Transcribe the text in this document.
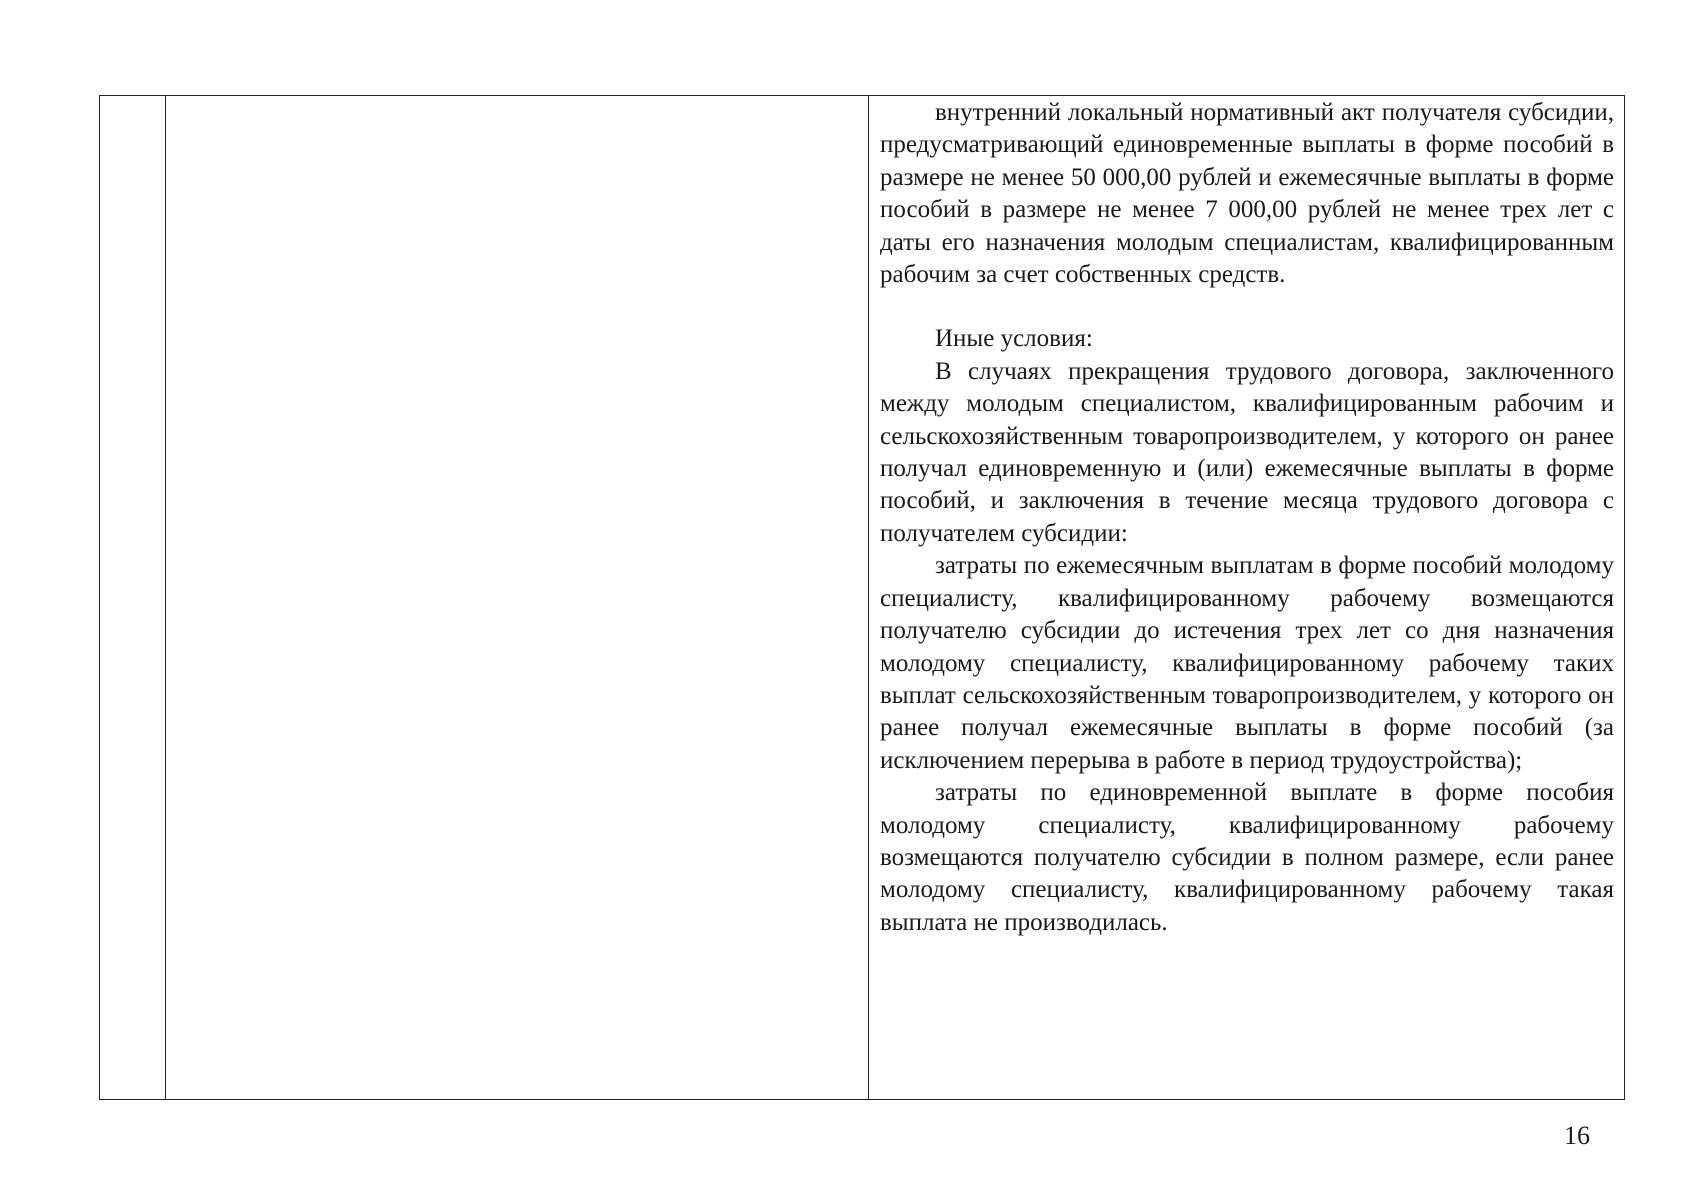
внутренний локальный нормативный акт получателя субсидии, предусматривающий единовременные выплаты в форме пособий в размере не менее 50 000,00 рублей и ежемесячные выплаты в форме пособий в размере не менее 7 000,00 рублей не менее трех лет с даты его назначения молодым специалистам, квалифицированным рабочим за счет собственных средств.

Иные условия:

В случаях прекращения трудового договора, заключенного между молодым специалистом, квалифицированным рабочим и сельскохозяйственным товаропроизводителем, у которого он ранее получал единовременную и (или) ежемесячные выплаты в форме пособий, и заключения в течение месяца трудового договора с получателем субсидии:

затраты по ежемесячным выплатам в форме пособий молодому специалисту, квалифицированному рабочему возмещаются получателю субсидии до истечения трех лет со дня назначения молодому специалисту, квалифицированному рабочему таких выплат сельскохозяйственным товаропроизводителем, у которого он ранее получал ежемесячные выплаты в форме пособий (за исключением перерыва в работе в период трудоустройства);

затраты по единовременной выплате в форме пособия молодому специалисту, квалифицированному рабочему возмещаются получателю субсидии в полном размере, если ранее молодому специалисту, квалифицированному рабочему такая выплата не производилась.

16
